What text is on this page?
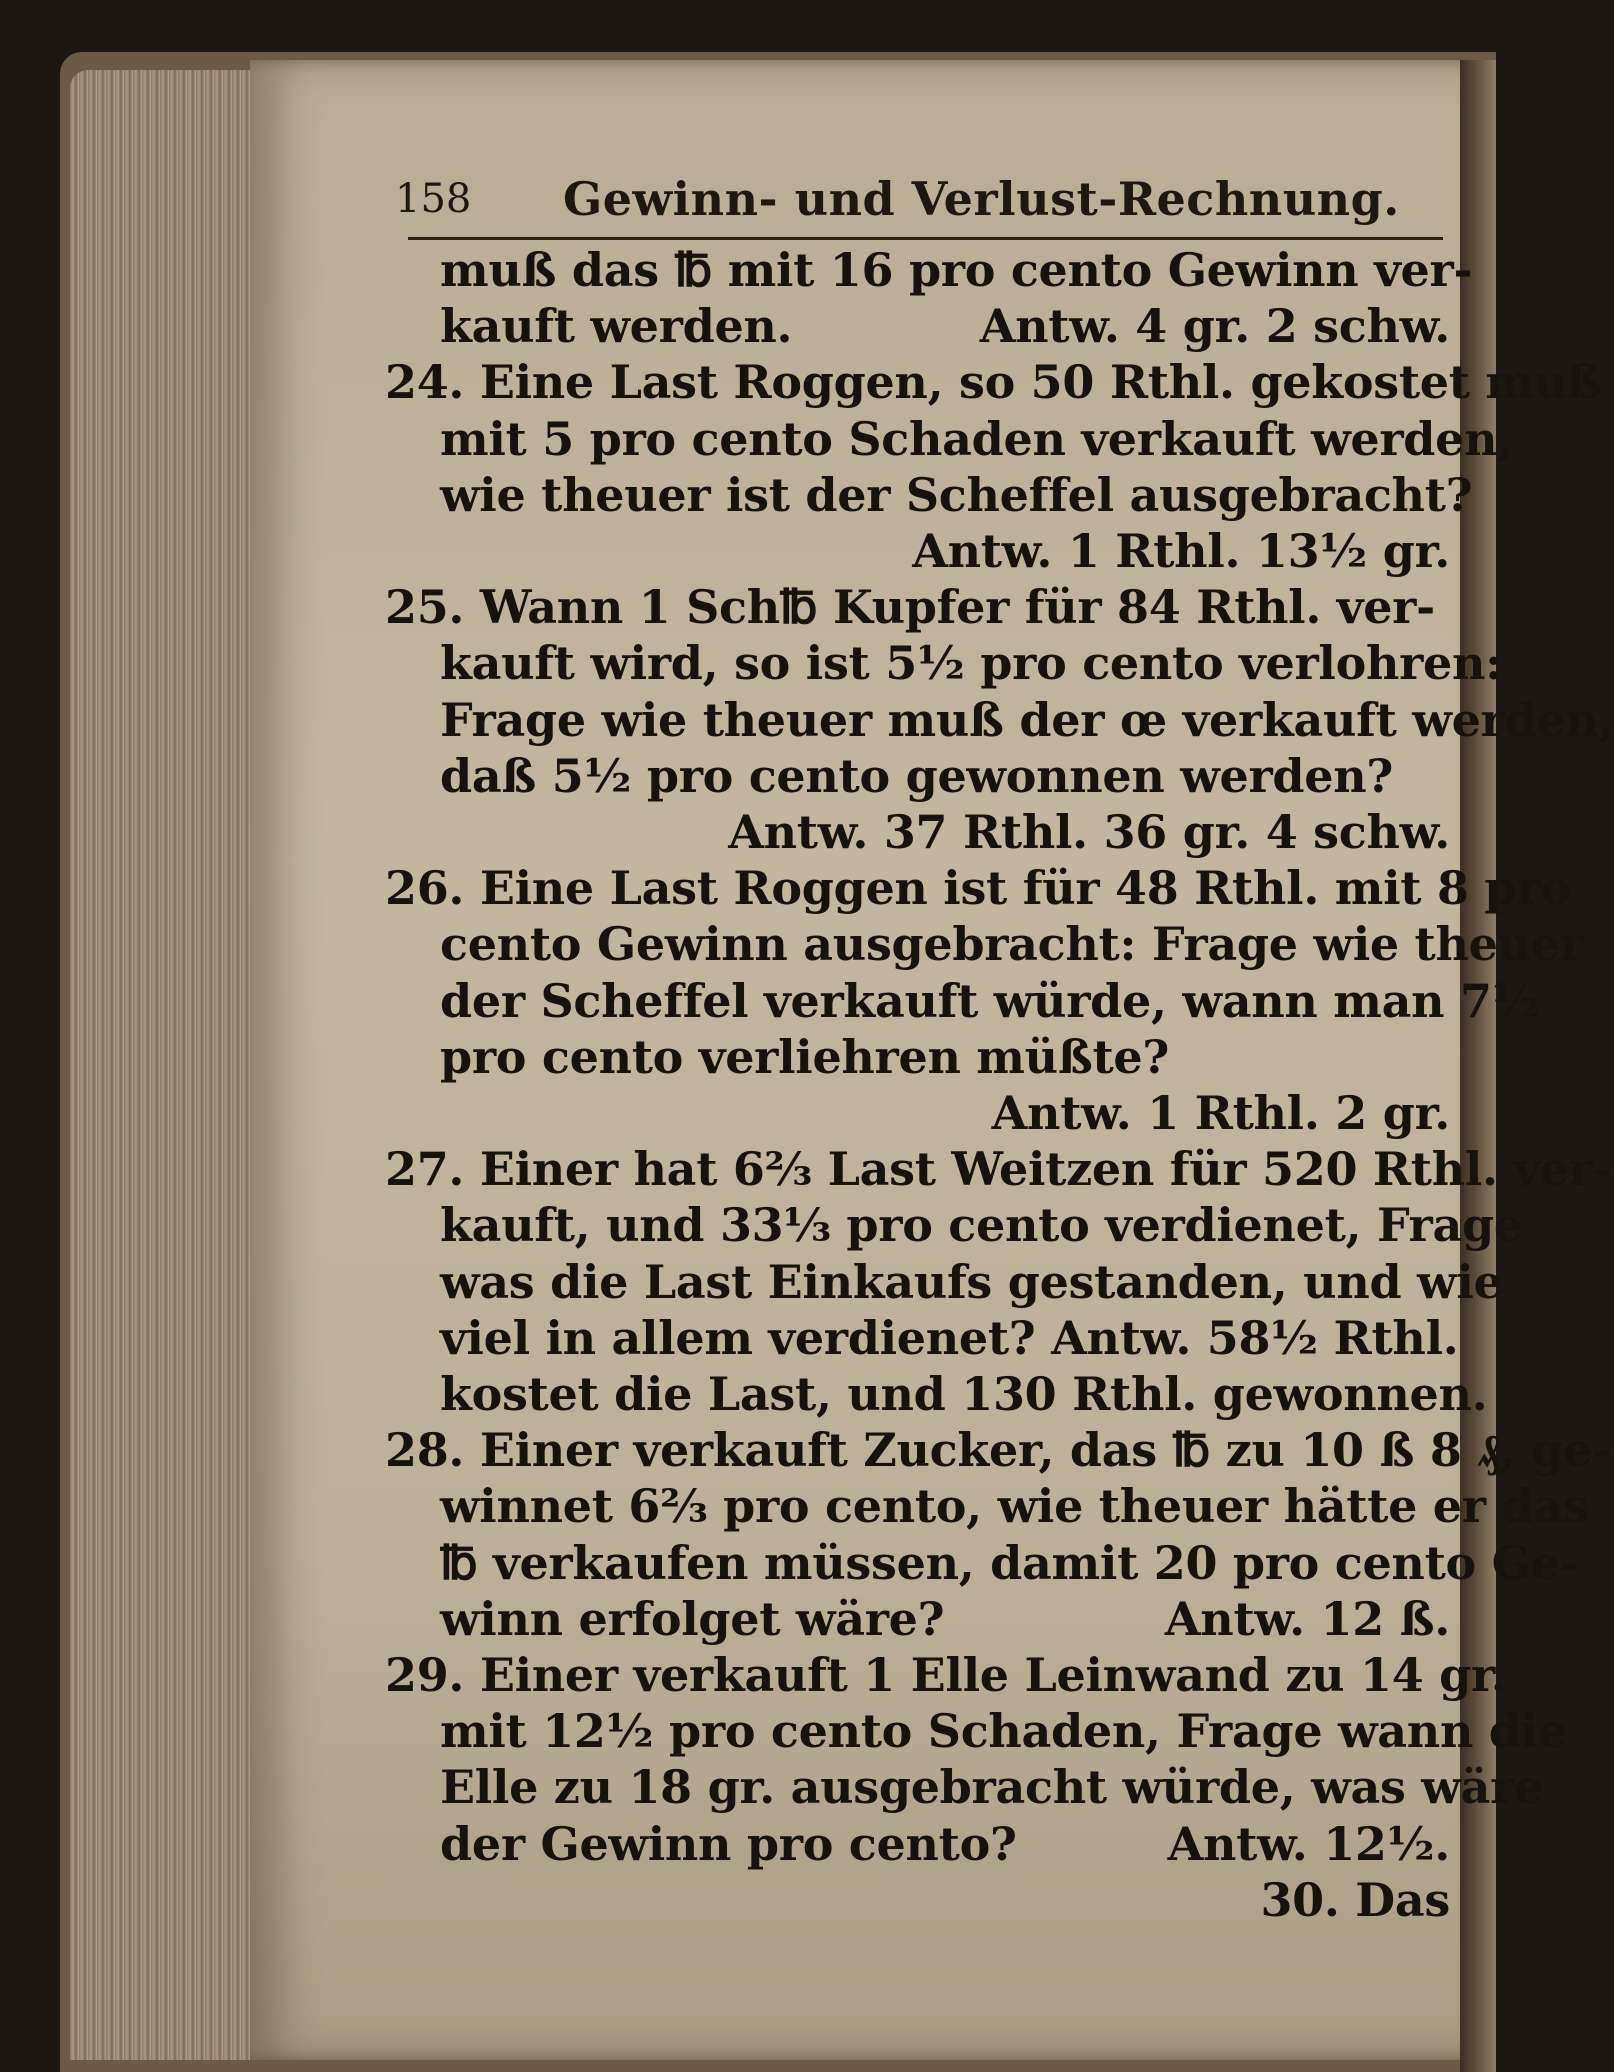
158 Gewinn- und Verlust-Rechnung.
muß das ℔ mit 16 pro cento Gewinn ver-
kauft werden.	Antw. 4 gr. 2 schw.
24. Eine Last Roggen, so 50 Rthl. gekostet muß
mit 5 pro cento Schaden verkauft werden,
wie theuer ist der Scheffel ausgebracht?
Antw. 1 Rthl. 13½ gr.
25. Wann 1 Sch℔ Kupfer für 84 Rthl. ver-
kauft wird, so ist 5½ pro cento verlohren:
Frage wie theuer muß der œ verkauft werden,
daß 5½ pro cento gewonnen werden?
Antw. 37 Rthl. 36 gr. 4 schw.
26. Eine Last Roggen ist für 48 Rthl. mit 8 pro
cento Gewinn ausgebracht: Frage wie theuer
der Scheffel verkauft würde, wann man 7½
pro cento verliehren müßte?
Antw. 1 Rthl. 2 gr.
27. Einer hat 6⅔ Last Weitzen für 520 Rthl. ver-
kauft, und 33⅓ pro cento verdienet, Frage
was die Last Einkaufs gestanden, und wie
viel in allem verdienet? Antw. 58½ Rthl.
kostet die Last, und 130 Rthl. gewonnen.
28. Einer verkauft Zucker, das ℔ zu 10 ß 8 ₰, ge-
winnet 6⅔ pro cento, wie theuer hätte er das
℔ verkaufen müssen, damit 20 pro cento Ge-
winn erfolget wäre?	Antw. 12 ß.
29. Einer verkauft 1 Elle Leinwand zu 14 gr.
mit 12½ pro cento Schaden, Frage wann die
Elle zu 18 gr. ausgebracht würde, was wäre
der Gewinn pro cento?	Antw. 12½.
30. Das
